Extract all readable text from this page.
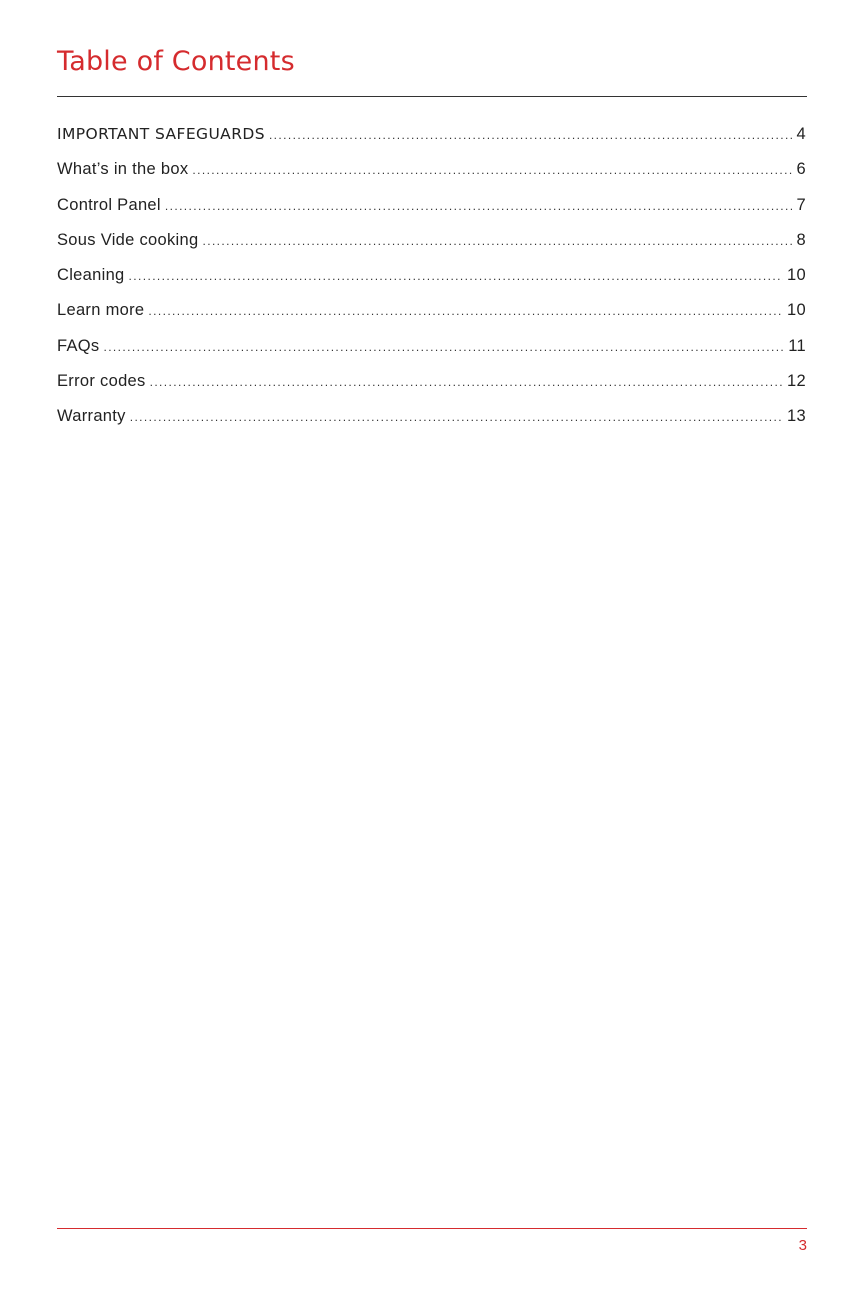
Table of Contents
IMPORTANT SAFEGUARDS .....	4
What’s in the box .....	6
Control Panel .....	7
Sous Vide cooking .....	8
Cleaning .....	10
Learn more .....	10
FAQs .....	11
Error codes .....	12
Warranty .....	13
3
